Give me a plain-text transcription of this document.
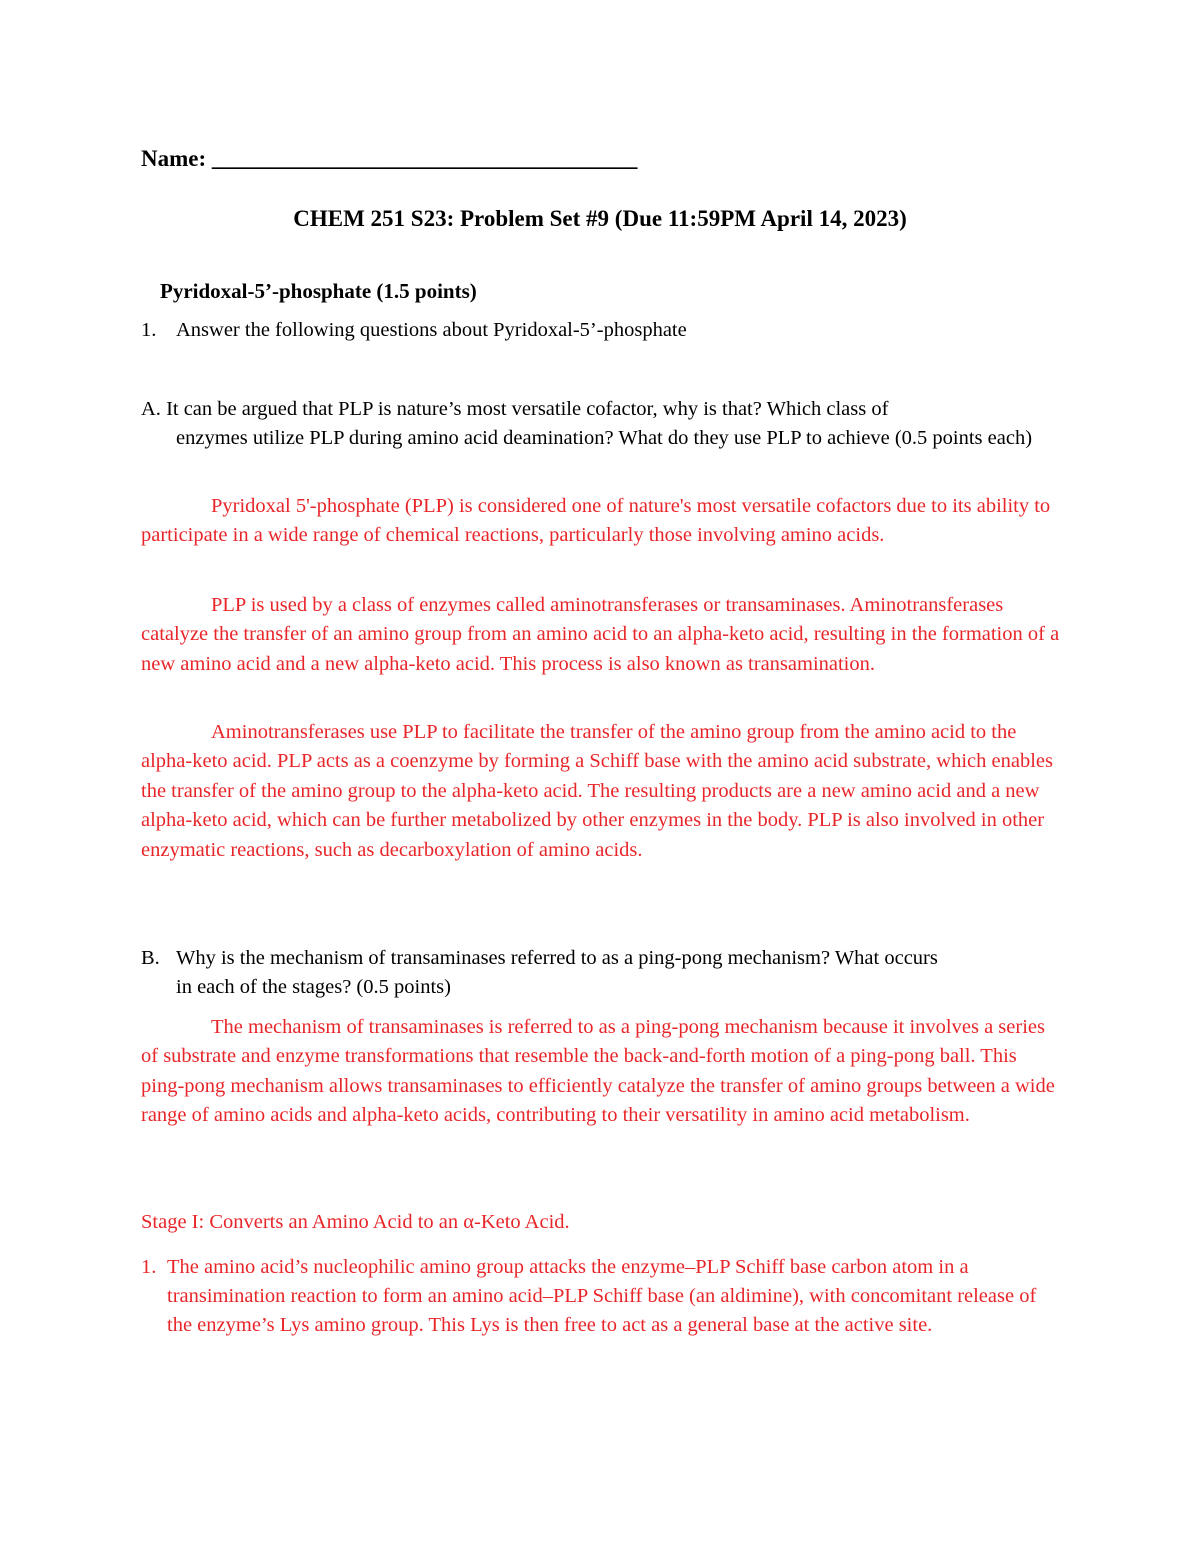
Name: _____________________________________
CHEM 251 S23: Problem Set #9 (Due 11:59PM April 14, 2023)
Pyridoxal-5’-phosphate (1.5 points)
1. Answer the following questions about Pyridoxal-5’-phosphate
A. It can be argued that PLP is nature’s most versatile cofactor, why is that? Which class of
enzymes utilize PLP during amino acid deamination? What do they use PLP to achieve (0.5 points each)
Pyridoxal 5'-phosphate (PLP) is considered one of nature's most versatile cofactors due to its ability to participate in a wide range of chemical reactions, particularly those involving amino acids.
PLP is used by a class of enzymes called aminotransferases or transaminases. Aminotransferases catalyze the transfer of an amino group from an amino acid to an alpha-keto acid, resulting in the formation of a new amino acid and a new alpha-keto acid. This process is also known as transamination.
Aminotransferases use PLP to facilitate the transfer of the amino group from the amino acid to the alpha-keto acid. PLP acts as a coenzyme by forming a Schiff base with the amino acid substrate, which enables the transfer of the amino group to the alpha-keto acid. The resulting products are a new amino acid and a new alpha-keto acid, which can be further metabolized by other enzymes in the body. PLP is also involved in other enzymatic reactions, such as decarboxylation of amino acids.
B. Why is the mechanism of transaminases referred to as a ping-pong mechanism? What occurs
in each of the stages? (0.5 points)
The mechanism of transaminases is referred to as a ping-pong mechanism because it involves a series of substrate and enzyme transformations that resemble the back-and-forth motion of a ping-pong ball. This ping-pong mechanism allows transaminases to efficiently catalyze the transfer of amino groups between a wide range of amino acids and alpha-keto acids, contributing to their versatility in amino acid metabolism.
Stage I: Converts an Amino Acid to an α-Keto Acid.
1. The amino acid’s nucleophilic amino group attacks the enzyme–PLP Schiff base carbon atom in a transimination reaction to form an amino acid–PLP Schiff base (an aldimine), with concomitant release of the enzyme’s Lys amino group. This Lys is then free to act as a general base at the active site.
